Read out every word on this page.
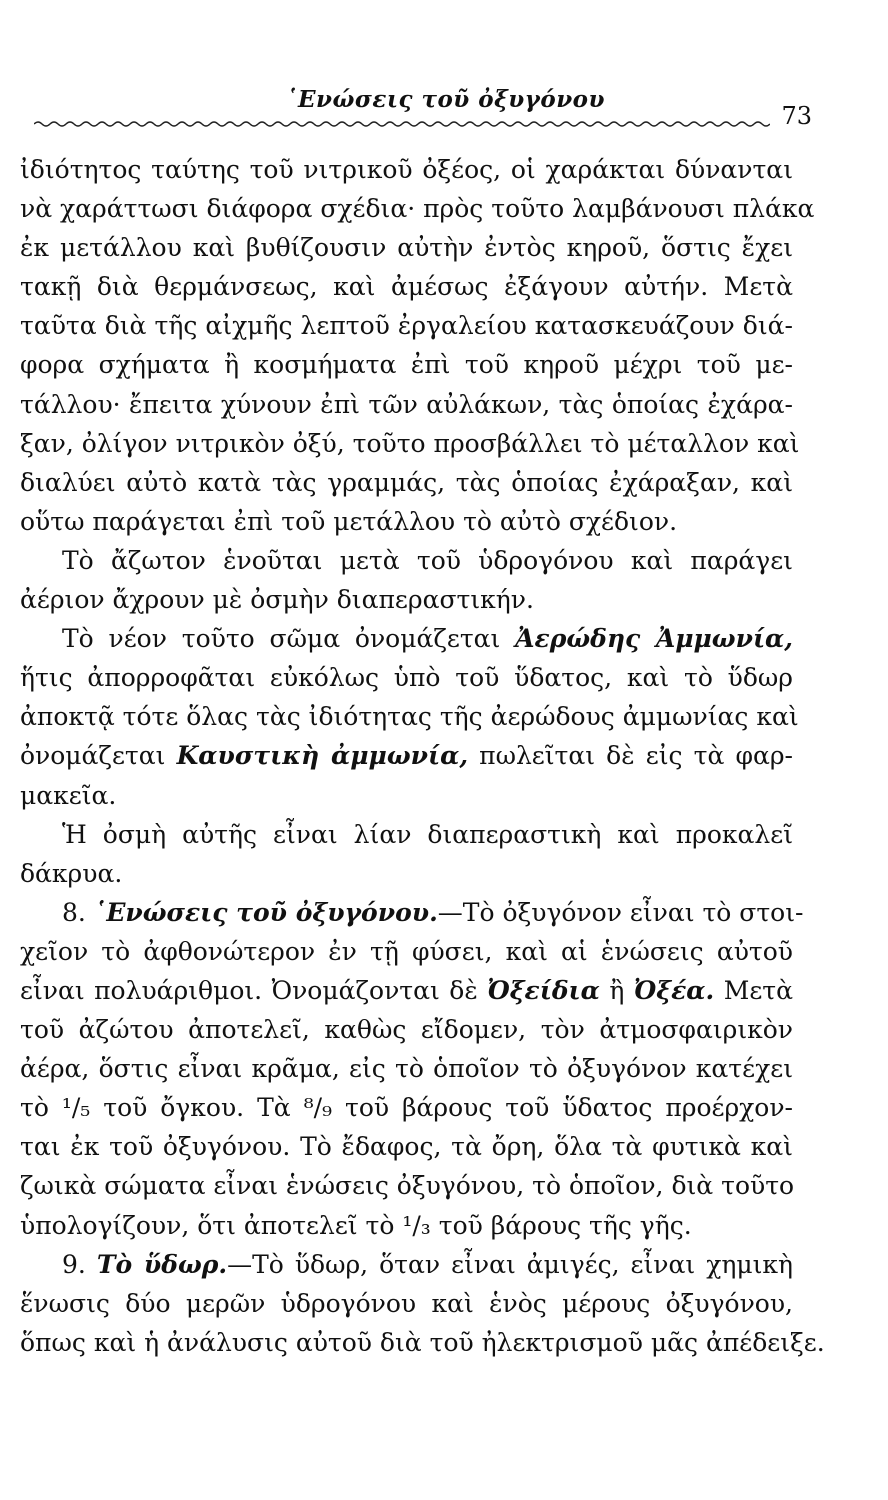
῾Ενώσεις τοῦ ὀξυγόνου
73
ἰδιότητος ταύτης τοῦ νιτρικοῦ ὀξέος, οἱ χαράκται δύνανται
νὰ χαράττωσι διάφορα σχέδια· πρὸς τοῦτο λαμβάνουσι πλάκα
ἐκ μετάλλου καὶ βυθίζουσιν αὐτὴν ἐντὸς κηροῦ, ὅστις ἔχει
τακῇ διὰ θερμάνσεως, καὶ ἀμέσως ἐξάγουν αὐτήν. Μετὰ
ταῦτα διὰ τῆς αἰχμῆς λεπτοῦ ἐργαλείου κατασκευάζουν διά-
φορα σχήματα ἢ κοσμήματα ἐπὶ τοῦ κηροῦ μέχρι τοῦ με-
τάλλου· ἔπειτα χύνουν ἐπὶ τῶν αὐλάκων, τὰς ὁποίας ἐχάρα-
ξαν, ὀλίγον νιτρικὸν ὀξύ, τοῦτο προσβάλλει τὸ μέταλλον καὶ
διαλύει αὐτὸ κατὰ τὰς γραμμάς, τὰς ὁποίας ἐχάραξαν, καὶ
οὕτω παράγεται ἐπὶ τοῦ μετάλλου τὸ αὐτὸ σχέδιον.
Τὸ ἄζωτον ἑνοῦται μετὰ τοῦ ὑδρογόνου καὶ παράγει
ἀέριον ἄχρουν μὲ ὀσμὴν διαπεραστικήν.
Τὸ νέον τοῦτο σῶμα ὀνομάζεται Ἀερώδης Ἀμμωνία,
ἥτις ἀπορροφᾶται εὐκόλως ὑπὸ τοῦ ὕδατος, καὶ τὸ ὕδωρ
ἀποκτᾷ τότε ὅλας τὰς ἰδιότητας τῆς ἀερώδους ἀμμωνίας καὶ
ὀνομάζεται Καυστικὴ ἀμμωνία, πωλεῖται δὲ εἰς τὰ φαρ-
μακεῖα.
Ἡ ὀσμὴ αὐτῆς εἶναι λίαν διαπεραστικὴ καὶ προκαλεῖ
δάκρυα.
8. ῾Ενώσεις τοῦ ὀξυγόνου.—Τὸ ὀξυγόνον εἶναι τὸ στοι-
χεῖον τὸ ἀφθονώτερον ἐν τῇ φύσει, καὶ αἱ ἑνώσεις αὐτοῦ
εἶναι πολυάριθμοι. Ὀνομάζονται δὲ Ὀξείδια ἢ Ὀξέα. Μετὰ
τοῦ ἀζώτου ἀποτελεῖ, καθὼς εἴδομεν, τὸν ἀτμοσφαιρικὸν
ἀέρα, ὅστις εἶναι κρᾶμα, εἰς τὸ ὁποῖον τὸ ὀξυγόνον κατέχει
τὸ ¹/₅ τοῦ ὄγκου. Τὰ ⁸/₉ τοῦ βάρους τοῦ ὕδατος προέρχον-
ται ἐκ τοῦ ὀξυγόνου. Τὸ ἔδαφος, τὰ ὄρη, ὅλα τὰ φυτικὰ καὶ
ζωικὰ σώματα εἶναι ἑνώσεις ὀξυγόνου, τὸ ὁποῖον, διὰ τοῦτο
ὑπολογίζουν, ὅτι ἀποτελεῖ τὸ ¹/₃ τοῦ βάρους τῆς γῆς.
9. Τὸ ὕδωρ.—Τὸ ὕδωρ, ὅταν εἶναι ἀμιγές, εἶναι χημικὴ
ἕνωσις δύο μερῶν ὑδρογόνου καὶ ἑνὸς μέρους ὀξυγόνου,
ὅπως καὶ ἡ ἀνάλυσις αὐτοῦ διὰ τοῦ ἠλεκτρισμοῦ μᾶς ἀπέδειξε.
